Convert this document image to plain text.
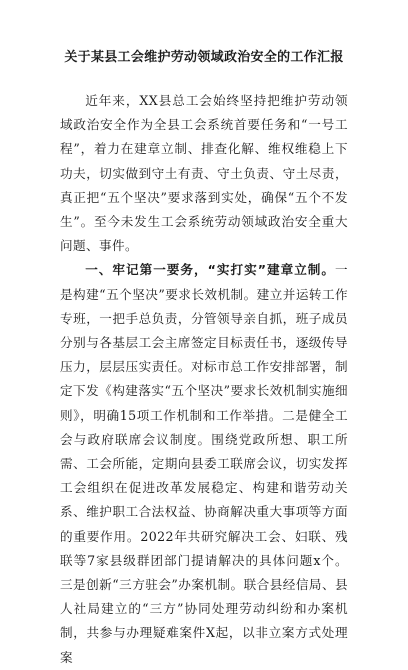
关于某县工会维护劳动领域政治安全的工作汇报

近年来，XX县总工会始终坚持把维护劳动领域政治安全作为全县工会系统首要任务和“一号工程”，着力在建章立制、排查化解、维权维稳上下功夫，切实做到守土有责、守土负责、守土尽责，真正把“五个坚决”要求落到实处，确保“五个不发生”。至今未发生工会系统劳动领域政治安全重大问题、事件。

一、牢记第一要务，“实打实”建章立制。一是构建“五个坚决”要求长效机制。建立并运转工作专班，一把手总负责，分管领导亲自抓，班子成员分别与各基层工会主席签定目标责任书，逐级传导压力，层层压实责任。对标市总工作安排部署，制定下发《构建落实“五个坚决”要求长效机制实施细则》，明确15项工作机制和工作举措。二是健全工会与政府联席会议制度。围绕党政所想、职工所需、工会所能，定期向县委工联席会议，切实发挥工会组织在促进改革发展稳定、构建和谐劳动关系、维护职工合法权益、协商解决重大事项等方面的重要作用。2022年共研究解决工会、妇联、残联等7家县级群团部门提请解决的具体问题x个。三是创新“三方驻会”办案机制。联合县经信局、县人社局建立的“三方”协同处理劳动纠纷和办案机制，共参与办理疑难案件X起，以非立案方式处理案
